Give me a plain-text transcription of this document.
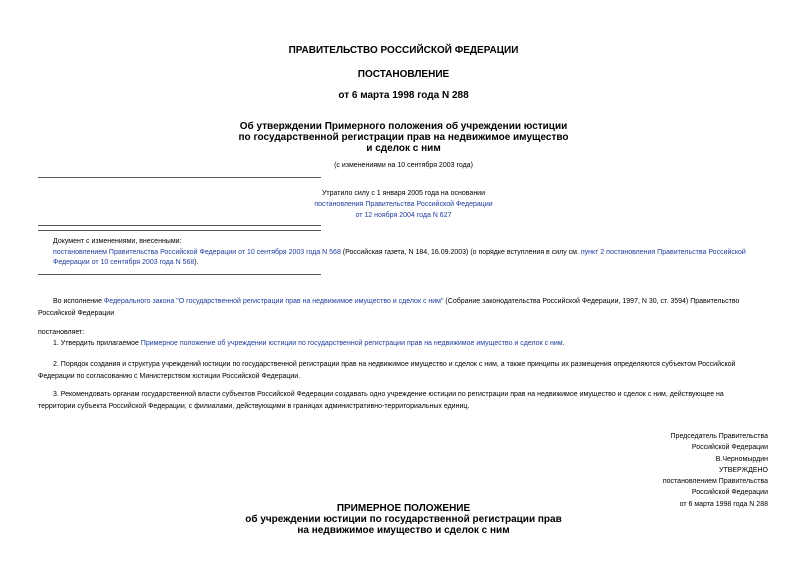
ПРАВИТЕЛЬСТВО РОССИЙСКОЙ ФЕДЕРАЦИИ
ПОСТАНОВЛЕНИЕ
от 6 марта 1998 года N 288
Об утверждении Примерного положения об учреждении юстиции
по государственной регистрации прав на недвижимое имущество
и сделок с ним
(с изменениями на 10 сентября 2003 года)
Утратило силу с 1 января 2005 года на основании
постановления Правительства Российской Федерации
от 12 ноября 2004 года N 627
Документ с изменениями, внесенными:
постановлением Правительства Российской Федерации от 10 сентября 2003 года N 568 (Российская газета, N 184, 16.09.2003) (о порядке вступления в силу см. пункт 2 постановления Правительства Российской
Федерации от 10 сентября 2003 года N 568).
Во исполнение Федерального закона "О государственной регистрации прав на недвижимое имущество и сделок с ним" (Собрание законодательства Российской Федерации, 1997, N 30, ст. 3594) Правительство
Российской Федерации
постановляет:
1. Утвердить прилагаемое Примерное положение об учреждении юстиции по государственной регистрации прав на недвижимое имущество и сделок с ним.
2. Порядок создания и структура учреждений юстиции по государственной регистрации прав на недвижимое имущество и сделок с ним, а также принципы их размещения определяются субъектом Российской
Федерации по согласованию с Министерством юстиции Российской Федерации.
3. Рекомендовать органам государственной власти субъектов Российской Федерации создавать одно учреждение юстиции по регистрации прав на недвижимое имущество и сделок с ним, действующее на
территории субъекта Российской Федерации, с филиалами, действующими в границах административно-территориальных единиц.
Председатель Правительства
Российской Федерации
В.Черномырдин
УТВЕРЖДЕНО
постановлением Правительства
Российской Федерации
от 6 марта 1998 года N 288
ПРИМЕРНОЕ ПОЛОЖЕНИЕ
об учреждении юстиции по государственной регистрации прав
на недвижимое имущество и сделок с ним
